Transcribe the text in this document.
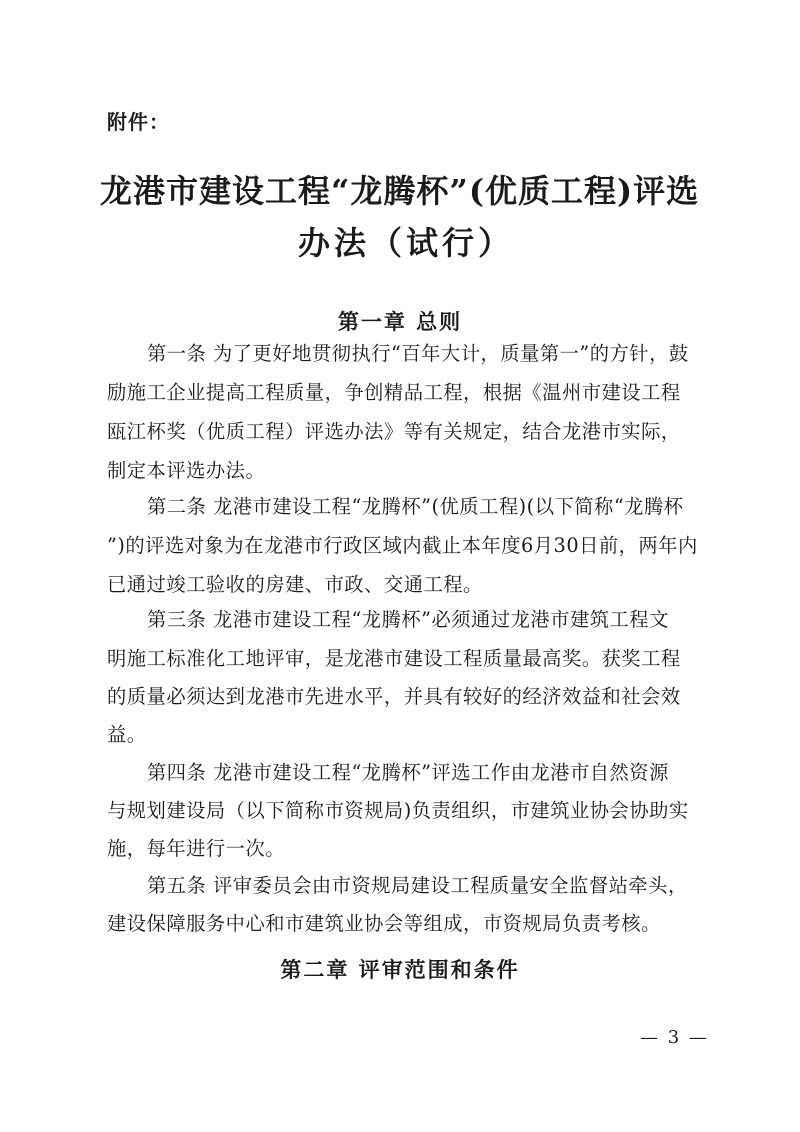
附件：
龙港市建设工程“龙腾杯”(优质工程)评选
办法（试行）
第一章 总则
第一条 为了更好地贯彻执行“百年大计，质量第一”的方针，鼓
励施工企业提高工程质量，争创精品工程，根据《温州市建设工程
瓯江杯奖（优质工程）评选办法》等有关规定，结合龙港市实际，
制定本评选办法。
第二条 龙港市建设工程“龙腾杯”(优质工程)(以下简称“龙腾杯
”)的评选对象为在龙港市行政区域内截止本年度6月30日前，两年内
已通过竣工验收的房建、市政、交通工程。
第三条 龙港市建设工程“龙腾杯”必须通过龙港市建筑工程文
明施工标准化工地评审，是龙港市建设工程质量最高奖。获奖工程
的质量必须达到龙港市先进水平，并具有较好的经济效益和社会效
益。
第四条 龙港市建设工程“龙腾杯”评选工作由龙港市自然资源
与规划建设局（以下简称市资规局)负责组织，市建筑业协会协助实
施，每年进行一次。
第五条 评审委员会由市资规局建设工程质量安全监督站牵头，
建设保障服务中心和市建筑业协会等组成，市资规局负责考核。
第二章 评审范围和条件
— 3 —
